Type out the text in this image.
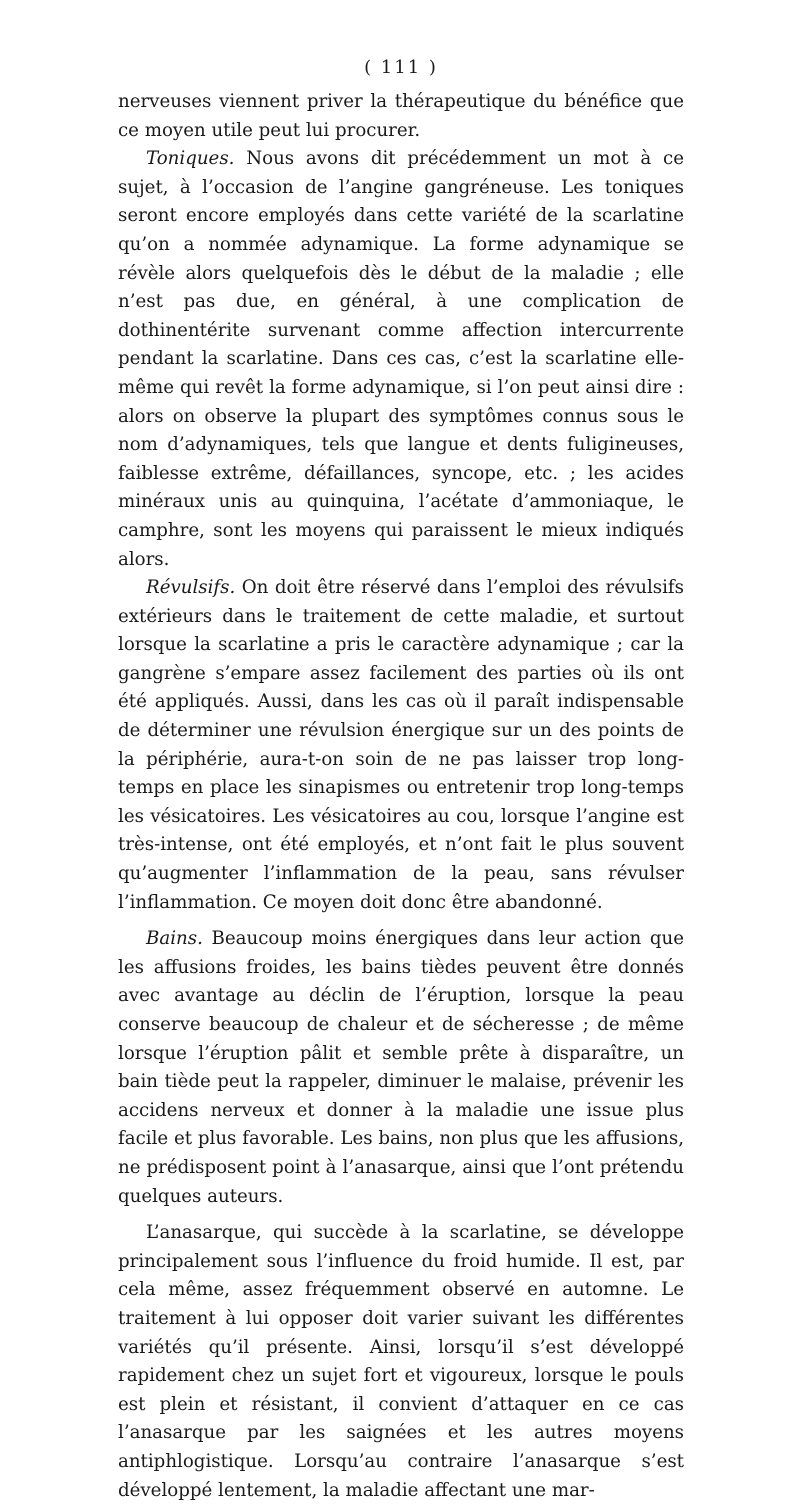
( 111 )

nerveuses viennent priver la thérapeutique du bénéfice que ce moyen utile peut lui procurer.

Toniques. Nous avons dit précédemment un mot à ce sujet, à l’occasion de l’angine gangréneuse. Les toniques seront encore employés dans cette variété de la scarlatine qu’on a nommée adynamique. La forme adynamique se révèle alors quelquefois dès le début de la maladie ; elle n’est pas due, en général, à une complication de dothinentérite survenant comme affection intercurrente pendant la scarlatine. Dans ces cas, c’est la scarlatine elle-même qui revêt la forme adynamique, si l’on peut ainsi dire : alors on observe la plupart des symptômes connus sous le nom d’adynamiques, tels que langue et dents fuligineuses, faiblesse extrême, défaillances, syncope, etc. ; les acides minéraux unis au quinquina, l’acétate d’ammoniaque, le camphre, sont les moyens qui paraissent le mieux indiqués alors.

Révulsifs. On doit être réservé dans l’emploi des révulsifs extérieurs dans le traitement de cette maladie, et surtout lorsque la scarlatine a pris le caractère adynamique ; car la gangrène s’empare assez facilement des parties où ils ont été appliqués. Aussi, dans les cas où il paraît indispensable de déterminer une révulsion énergique sur un des points de la périphérie, aura-t-on soin de ne pas laisser trop long-temps en place les sinapismes ou entretenir trop long-temps les vésicatoires. Les vésicatoires au cou, lorsque l’angine est très-intense, ont été employés, et n’ont fait le plus souvent qu’augmenter l’inflammation de la peau, sans révulser l’inflammation. Ce moyen doit donc être abandonné.

Bains. Beaucoup moins énergiques dans leur action que les affusions froides, les bains tièdes peuvent être donnés avec avantage au déclin de l’éruption, lorsque la peau conserve beaucoup de chaleur et de sécheresse ; de même lorsque l’éruption pâlit et semble prête à disparaître, un bain tiède peut la rappeler, diminuer le malaise, prévenir les accidens nerveux et donner à la maladie une issue plus facile et plus favorable. Les bains, non plus que les affusions, ne prédisposent point à l’anasarque, ainsi que l’ont prétendu quelques auteurs.

L’anasarque, qui succède à la scarlatine, se développe principalement sous l’influence du froid humide. Il est, par cela même, assez fréquemment observé en automne. Le traitement à lui opposer doit varier suivant les différentes variétés qu’il présente. Ainsi, lorsqu’il s’est développé rapidement chez un sujet fort et vigoureux, lorsque le pouls est plein et résistant, il convient d’attaquer en ce cas l’anasarque par les saignées et les autres moyens antiphlogistique. Lorsqu’au contraire l’anasarque s’est développé lentement, la maladie affectant une mar-
